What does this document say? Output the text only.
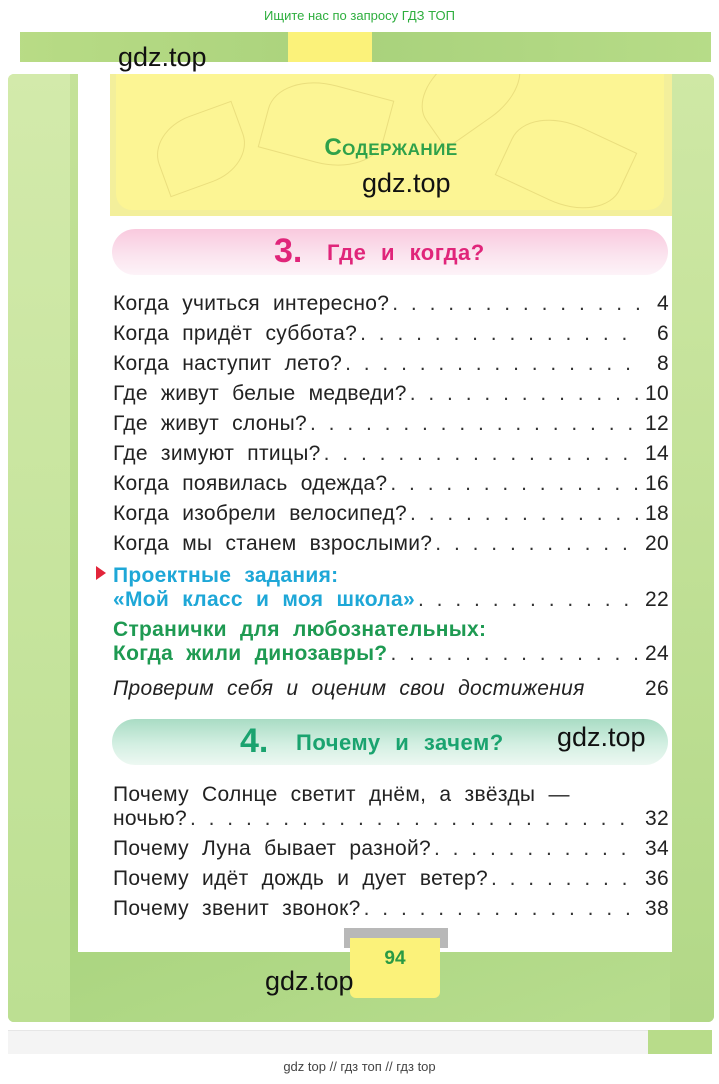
Ищите нас по запросу ГДЗ ТОП
gdz.top
Содержание
gdz.top
3. Где и когда?
Когда учиться интересно? . . .	4
Когда придёт суббота? . . .	6
Когда наступит лето? . . .	8
Где живут белые медведи? . . .	10
Где живут слоны? . . .	12
Где зимуют птицы? . . .	14
Когда появилась одежда? . . .	16
Когда изобрели велосипед? . . .	18
Когда мы станем взрослыми? . . .	20
Проектные задания:
«Мой класс и моя школа» . . .	22
Странички для любознательных:
Когда жили динозавры? . . .	24
Проверим себя и оценим свои достижения	26
4. Почему и зачем? gdz.top
Почему Солнце светит днём, а звёзды —
ночью? . . .	32
Почему Луна бывает разной? . . .	34
Почему идёт дождь и дует ветер? . . .	36
Почему звенит звонок? . . .	38
94
gdz.top
gdz top // гдз топ // гдз top
